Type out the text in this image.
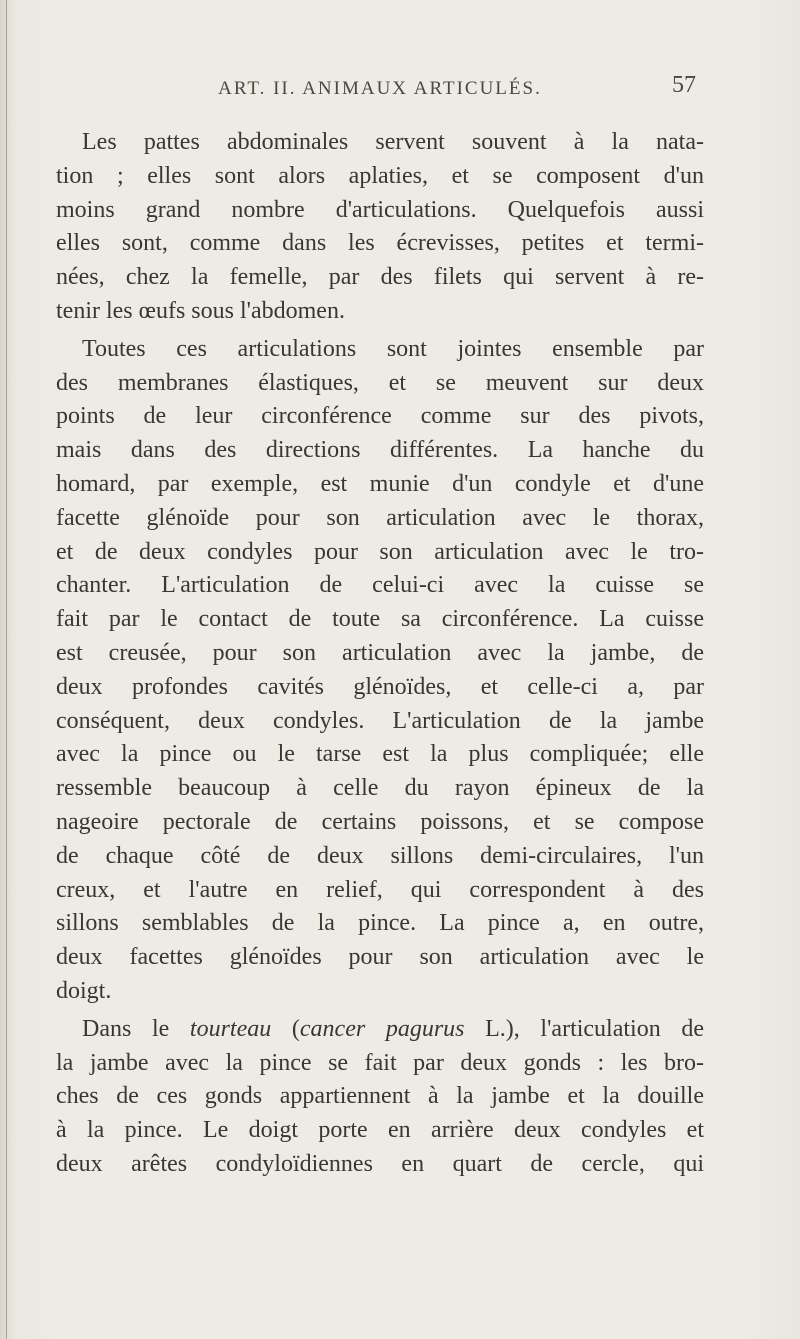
ART. II. ANIMAUX ARTICULÉS.	57

Les pattes abdominales servent souvent à la nata-
tion ; elles sont alors aplaties, et se composent d'un
moins grand nombre d'articulations. Quelquefois aussi
elles sont, comme dans les écrevisses, petites et termi-
nées, chez la femelle, par des filets qui servent à re-
tenir les œufs sous l'abdomen.

Toutes ces articulations sont jointes ensemble par
des membranes élastiques, et se meuvent sur deux
points de leur circonférence comme sur des pivots,
mais dans des directions différentes. La hanche du
homard, par exemple, est munie d'un condyle et d'une
facette glénoïde pour son articulation avec le thorax,
et de deux condyles pour son articulation avec le tro-
chanter. L'articulation de celui-ci avec la cuisse se
fait par le contact de toute sa circonférence. La cuisse
est creusée, pour son articulation avec la jambe, de
deux profondes cavités glénoïdes, et celle-ci a, par
conséquent, deux condyles. L'articulation de la jambe
avec la pince ou le tarse est la plus compliquée; elle
ressemble beaucoup à celle du rayon épineux de la
nageoire pectorale de certains poissons, et se compose
de chaque côté de deux sillons demi-circulaires, l'un
creux, et l'autre en relief, qui correspondent à des
sillons semblables de la pince. La pince a, en outre,
deux facettes glénoïdes pour son articulation avec le
doigt.

Dans le tourteau (cancer pagurus L.), l'articulation de
la jambe avec la pince se fait par deux gonds : les bro-
ches de ces gonds appartiennent à la jambe et la douille
à la pince. Le doigt porte en arrière deux condyles et
deux arêtes condyloïdiennes en quart de cercle, qui
